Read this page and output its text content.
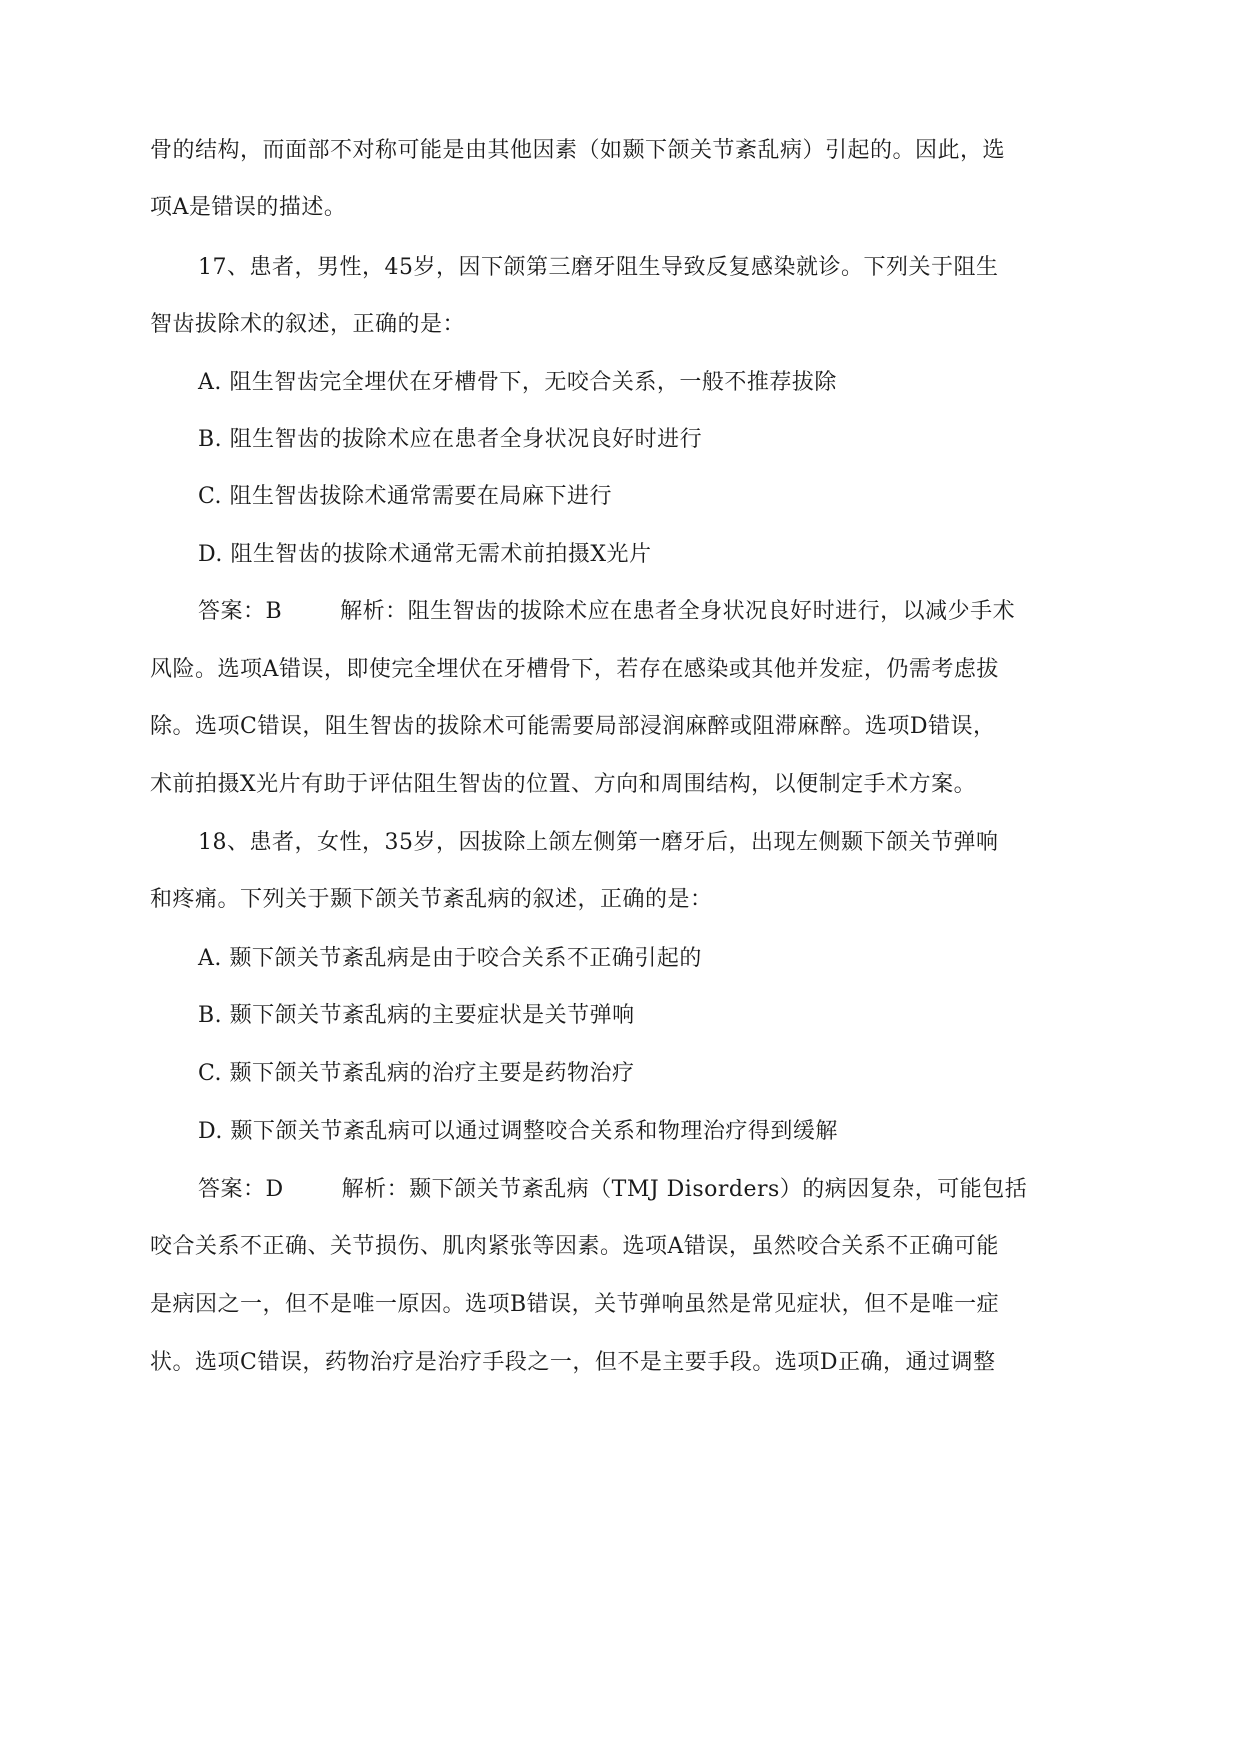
骨的结构，而面部不对称可能是由其他因素（如颞下颌关节紊乱病）引起的。因此，选
项A是错误的描述。
17、患者，男性，45岁，因下颌第三磨牙阻生导致反复感染就诊。下列关于阻生
智齿拔除术的叙述，正确的是：
A. 阻生智齿完全埋伏在牙槽骨下，无咬合关系，一般不推荐拔除
B. 阻生智齿的拔除术应在患者全身状况良好时进行
C. 阻生智齿拔除术通常需要在局麻下进行
D. 阻生智齿的拔除术通常无需术前拍摄X光片
答案：B	解析：阻生智齿的拔除术应在患者全身状况良好时进行，以减少手术
风险。选项A错误，即使完全埋伏在牙槽骨下，若存在感染或其他并发症，仍需考虑拔
除。选项C错误，阻生智齿的拔除术可能需要局部浸润麻醉或阻滞麻醉。选项D错误，
术前拍摄X光片有助于评估阻生智齿的位置、方向和周围结构，以便制定手术方案。
18、患者，女性，35岁，因拔除上颌左侧第一磨牙后，出现左侧颞下颌关节弹响
和疼痛。下列关于颞下颌关节紊乱病的叙述，正确的是：
A. 颞下颌关节紊乱病是由于咬合关系不正确引起的
B. 颞下颌关节紊乱病的主要症状是关节弹响
C. 颞下颌关节紊乱病的治疗主要是药物治疗
D. 颞下颌关节紊乱病可以通过调整咬合关系和物理治疗得到缓解
答案：D	解析：颞下颌关节紊乱病（TMJ Disorders）的病因复杂，可能包括
咬合关系不正确、关节损伤、肌肉紧张等因素。选项A错误，虽然咬合关系不正确可能
是病因之一，但不是唯一原因。选项B错误，关节弹响虽然是常见症状，但不是唯一症
状。选项C错误，药物治疗是治疗手段之一，但不是主要手段。选项D正确，通过调整
